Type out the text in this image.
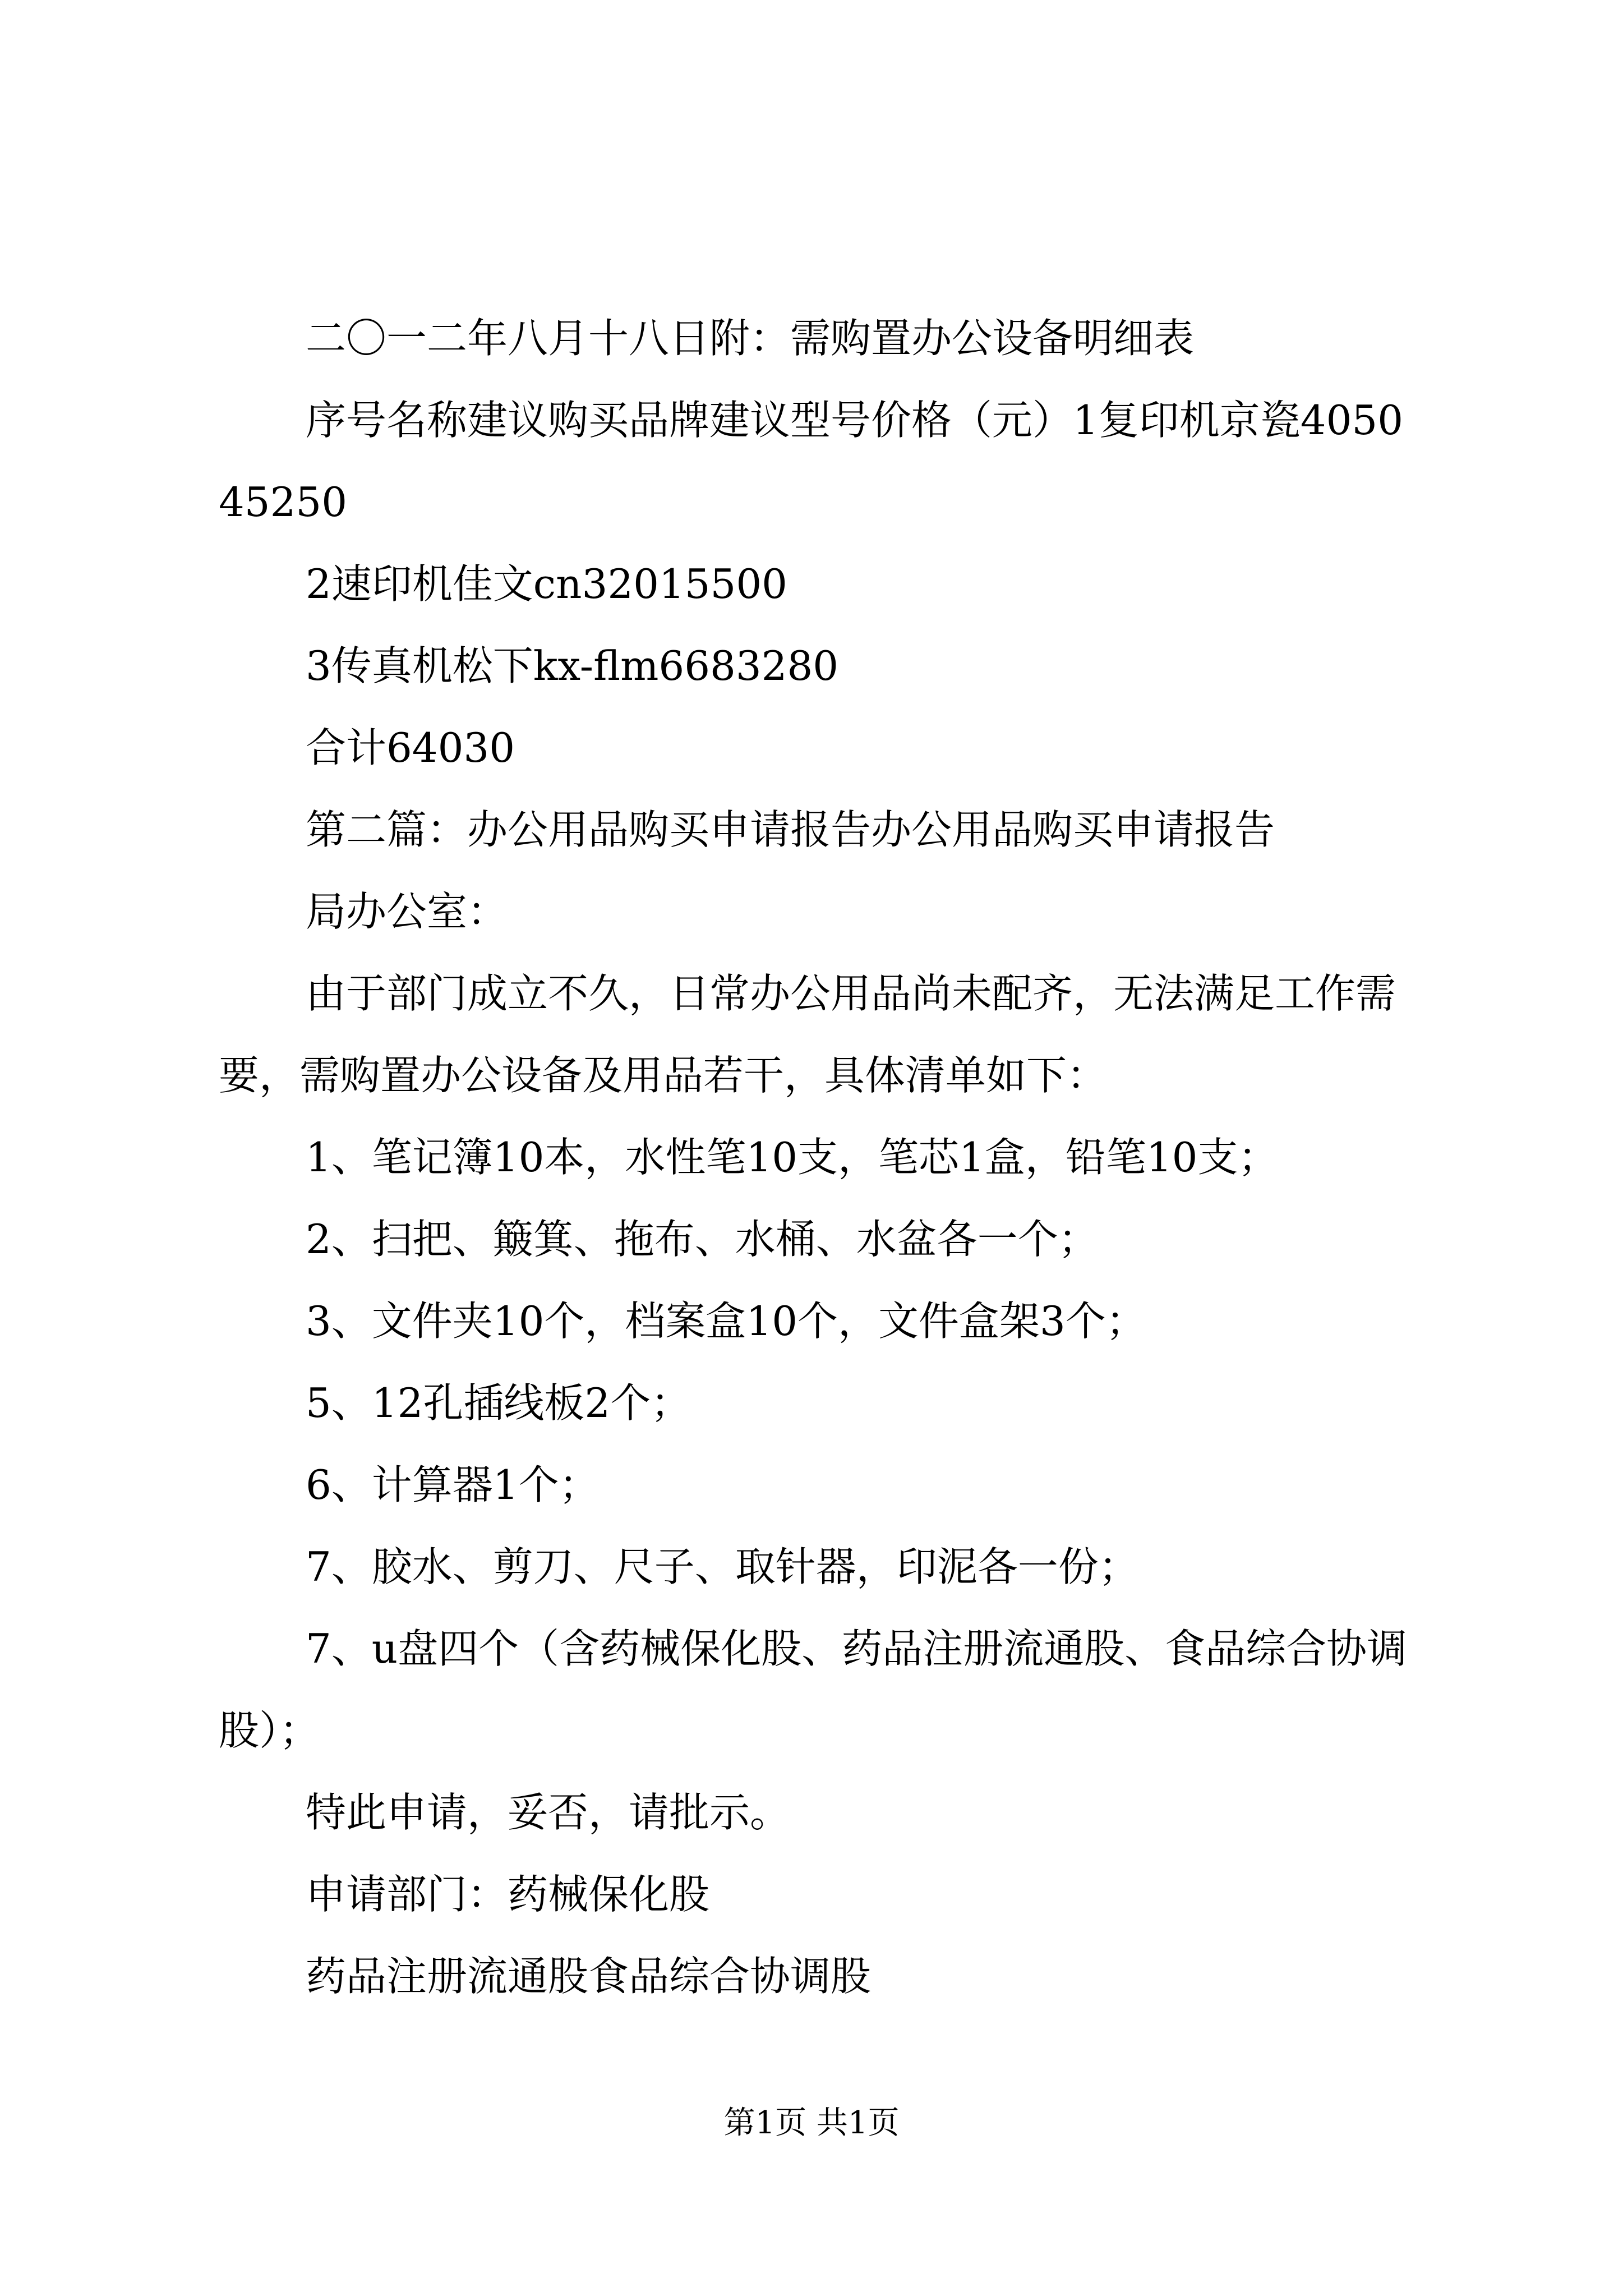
二〇一二年八月十八日附：需购置办公设备明细表

序号名称建议购买品牌建议型号价格（元）1复印机京瓷405045250

2速印机佳文cn32015500

3传真机松下kx-flm6683280

合计64030

第二篇：办公用品购买申请报告办公用品购买申请报告

局办公室：

由于部门成立不久，日常办公用品尚未配齐，无法满足工作需要，需购置办公设备及用品若干，具体清单如下：

1、笔记簿10本，水性笔10支，笔芯1盒，铅笔10支；

2、扫把、簸箕、拖布、水桶、水盆各一个；

3、文件夹10个，档案盒10个，文件盒架3个；

5、12孔插线板2个；

6、计算器1个；

7、胶水、剪刀、尺子、取针器，印泥各一份；

7、u盘四个（含药械保化股、药品注册流通股、食品综合协调股）；

特此申请，妥否，请批示。

申请部门：药械保化股

药品注册流通股食品综合协调股

第1页 共1页
